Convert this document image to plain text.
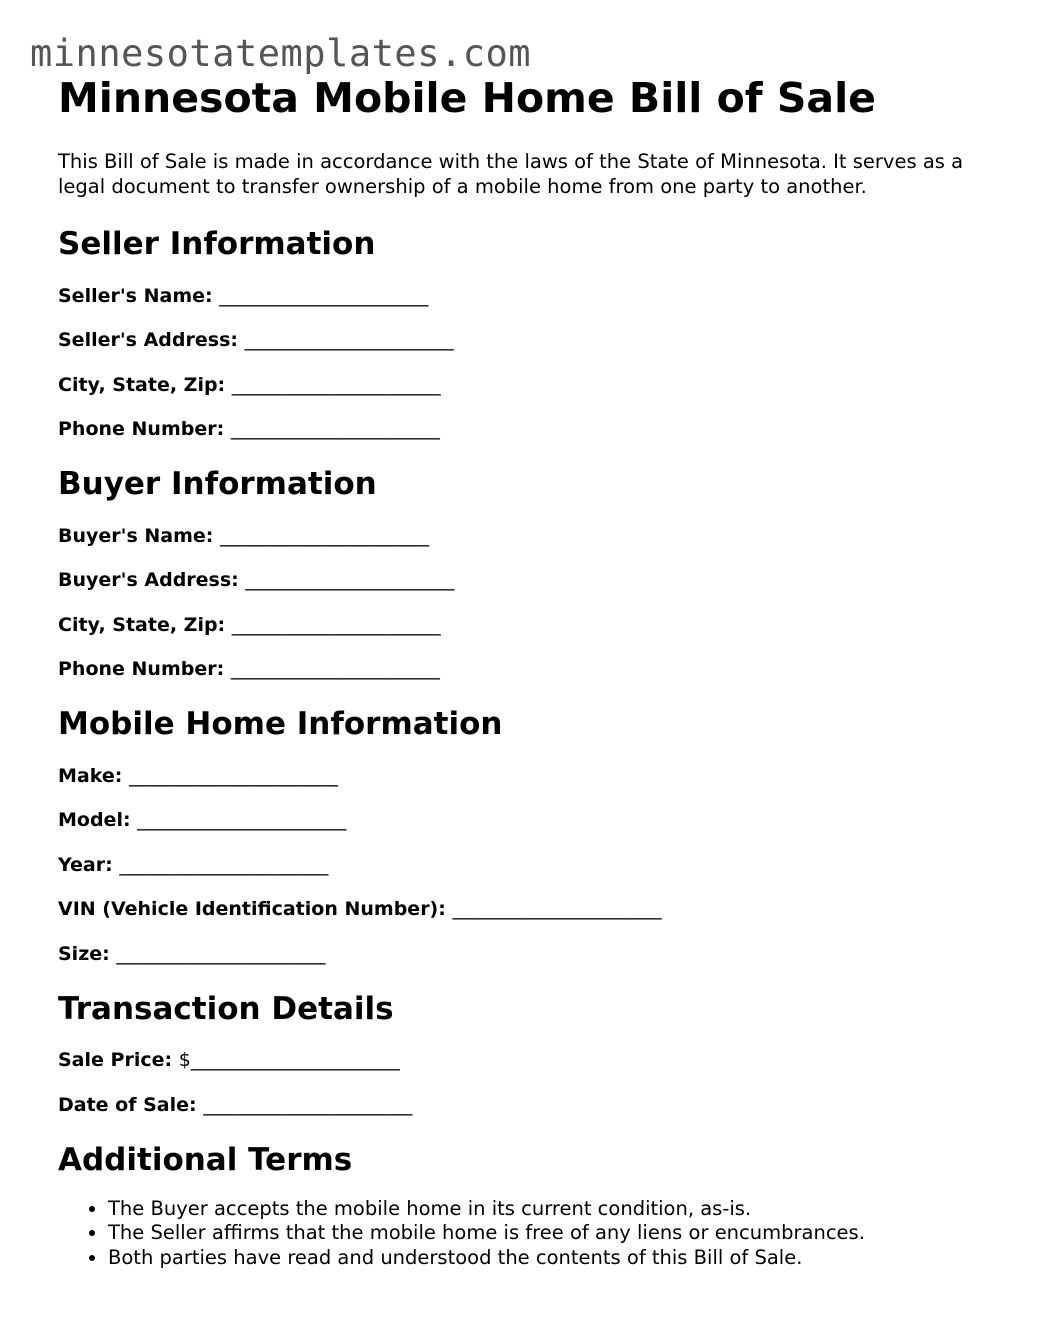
minnesotatemplates.com
Minnesota Mobile Home Bill of Sale

This Bill of Sale is made in accordance with the laws of the State of Minnesota. It serves as a legal document to transfer ownership of a mobile home from one party to another.

Seller Information
Seller's Name: ______________________
Seller's Address: ______________________
City, State, Zip: ______________________
Phone Number: ______________________
Buyer Information
Buyer's Name: ______________________
Buyer's Address: ______________________
City, State, Zip: ______________________
Phone Number: ______________________
Mobile Home Information
Make: ______________________
Model: ______________________
Year: ______________________
VIN (Vehicle Identification Number): ______________________
Size: ______________________
Transaction Details
Sale Price: $______________________
Date of Sale: ______________________
Additional Terms
• The Buyer accepts the mobile home in its current condition, as-is.
• The Seller affirms that the mobile home is free of any liens or encumbrances.
• Both parties have read and understood the contents of this Bill of Sale.
